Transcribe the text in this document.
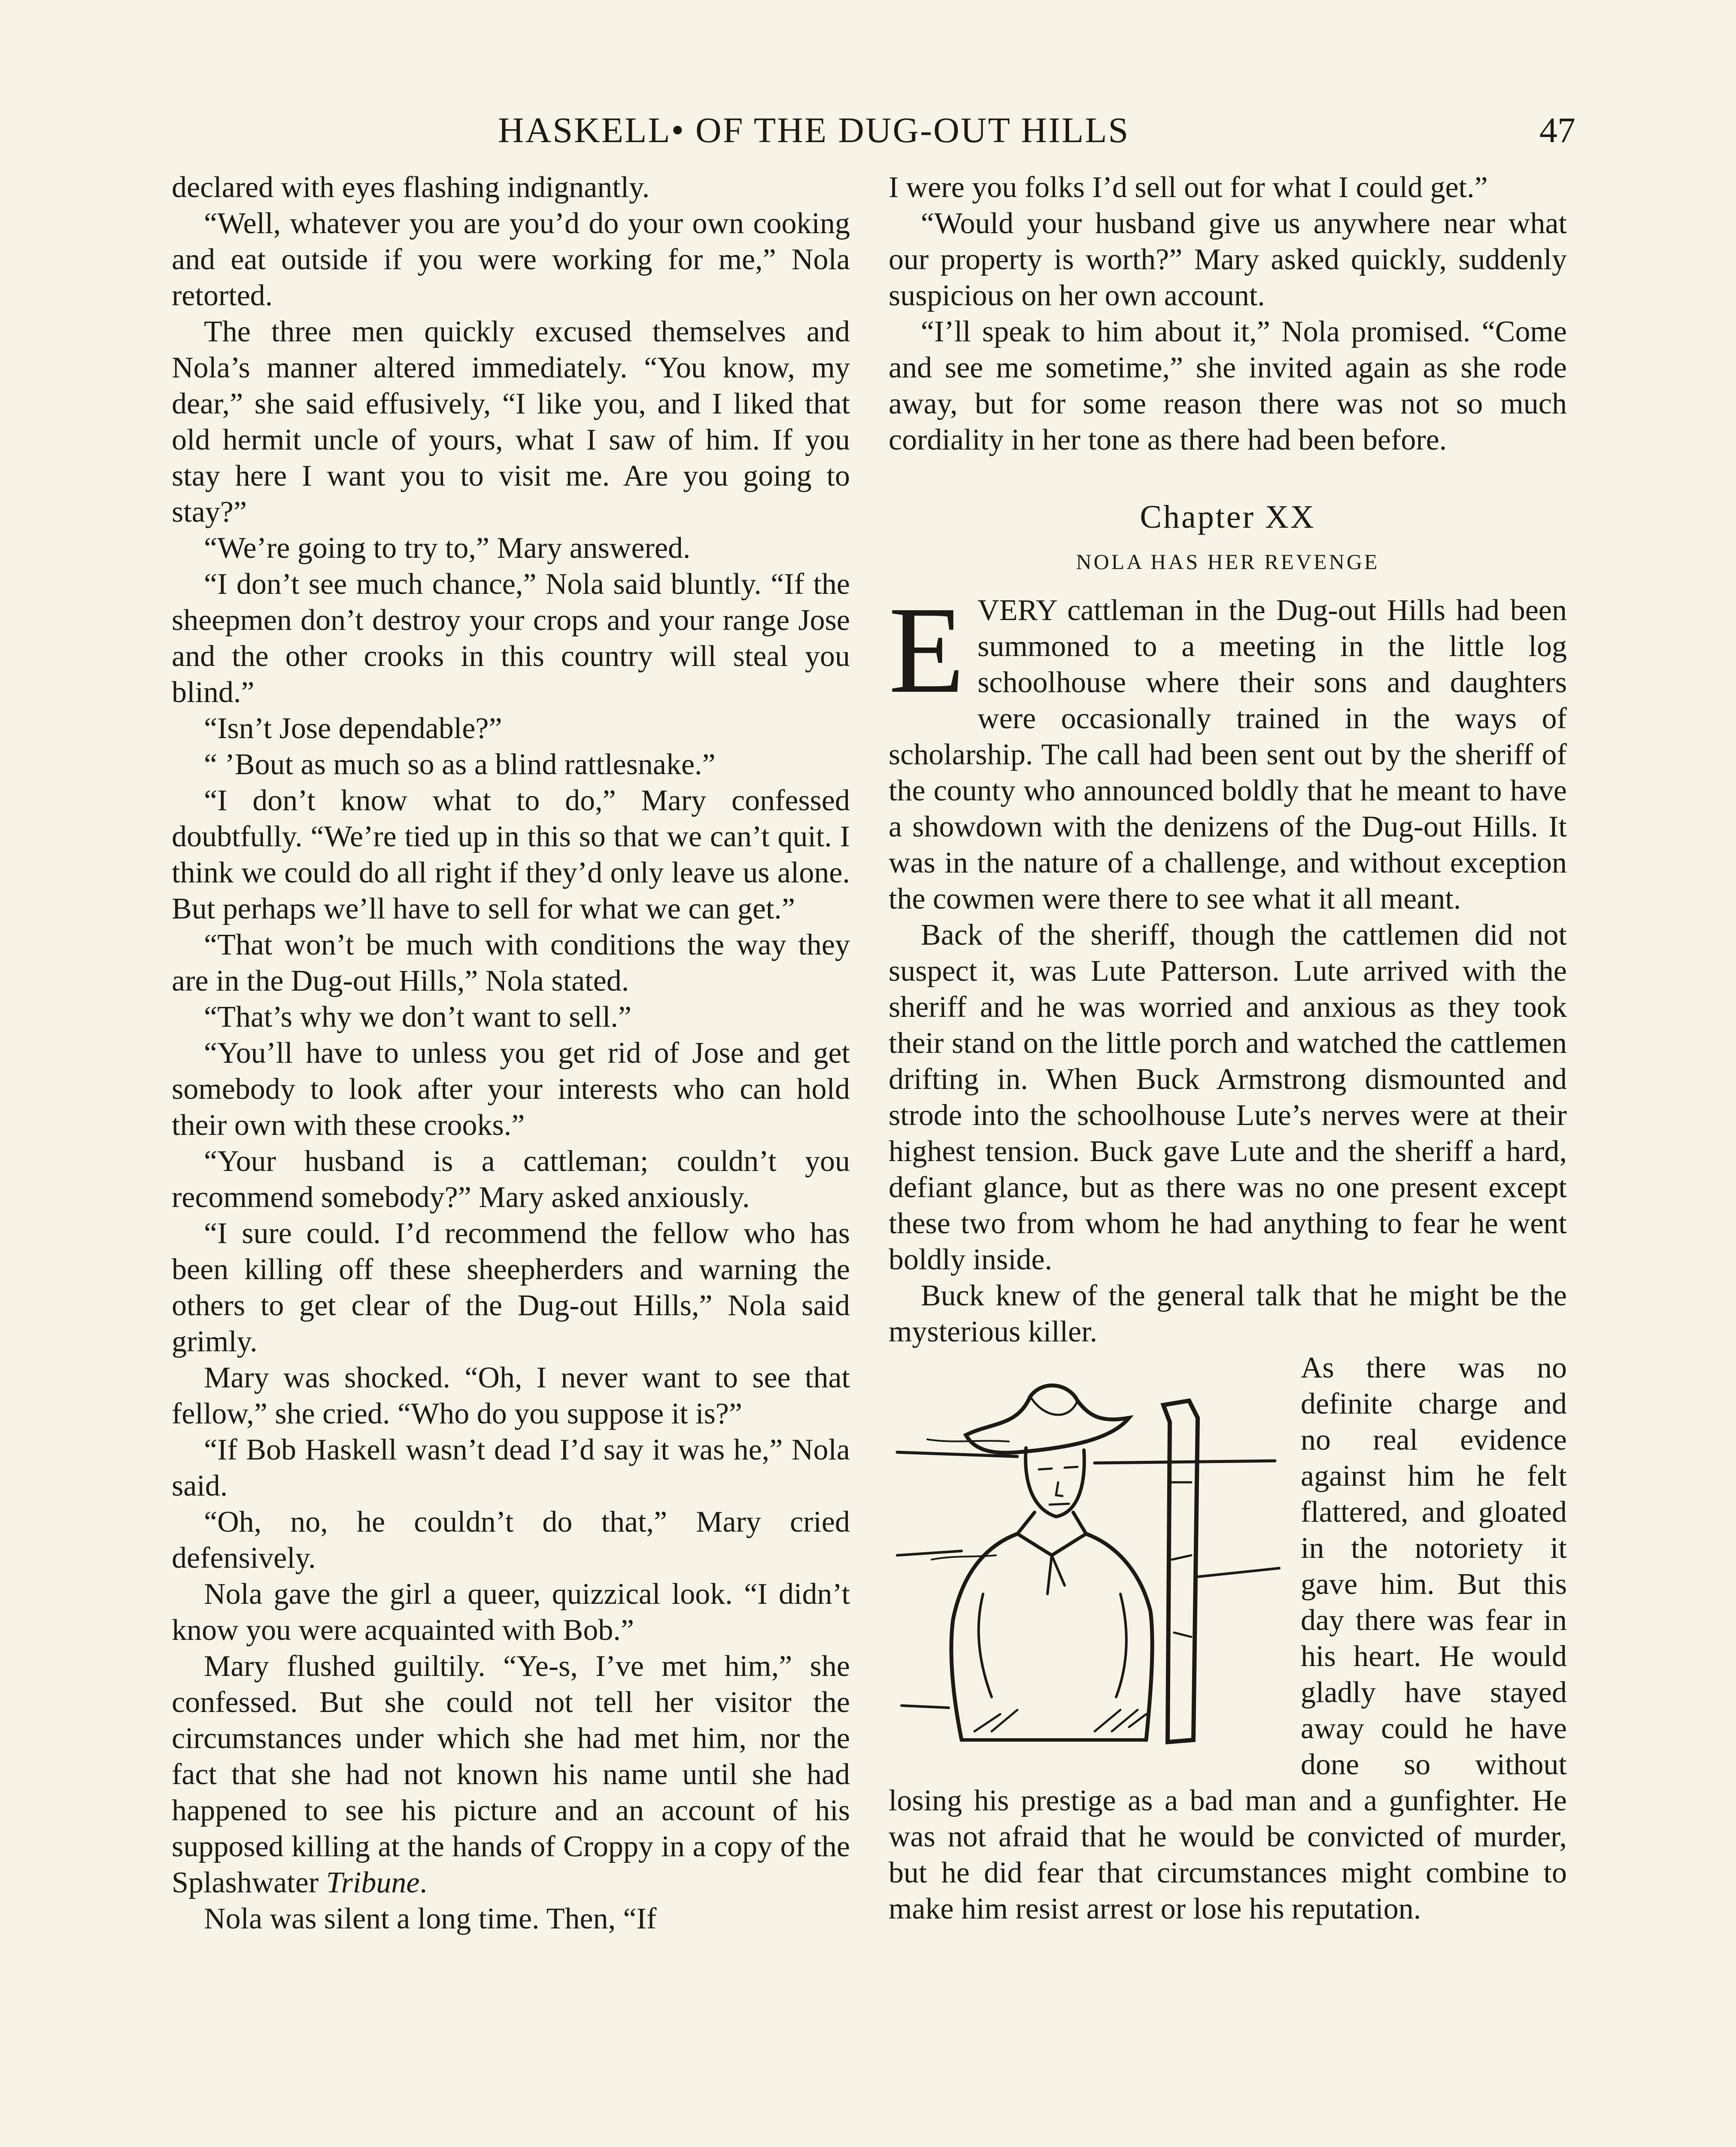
HASKELL• OF THE DUG-OUT HILLS	47

declared with eyes flashing indignantly.

“Well, whatever you are you’d do your own cooking and eat outside if you were working for me,” Nola retorted.

The three men quickly excused themselves and Nola’s manner altered immediately. “You know, my dear,” she said effusively, “I like you, and I liked that old hermit uncle of yours, what I saw of him. If you stay here I want you to visit me. Are you going to stay?”

“We’re going to try to,” Mary answered.

“I don’t see much chance,” Nola said bluntly. “If the sheepmen don’t destroy your crops and your range Jose and the other crooks in this country will steal you blind.”

“Isn’t Jose dependable?”

“ ’Bout as much so as a blind rattlesnake.”

“I don’t know what to do,” Mary confessed doubtfully. “We’re tied up in this so that we can’t quit. I think we could do all right if they’d only leave us alone. But perhaps we’ll have to sell for what we can get.”

“That won’t be much with conditions the way they are in the Dug-out Hills,” Nola stated.

“That’s why we don’t want to sell.”

“You’ll have to unless you get rid of Jose and get somebody to look after your interests who can hold their own with these crooks.”

“Your husband is a cattleman; couldn’t you recommend somebody?” Mary asked anxiously.

“I sure could. I’d recommend the fellow who has been killing off these sheepherders and warning the others to get clear of the Dug-out Hills,” Nola said grimly.

Mary was shocked. “Oh, I never want to see that fellow,” she cried. “Who do you suppose it is?”

“If Bob Haskell wasn’t dead I’d say it was he,” Nola said.

“Oh, no, he couldn’t do that,” Mary cried defensively.

Nola gave the girl a queer, quizzical look. “I didn’t know you were acquainted with Bob.”

Mary flushed guiltily. “Ye-s, I’ve met him,” she confessed. But she could not tell her visitor the circumstances under which she had met him, nor the fact that she had not known his name until she had happened to see his picture and an account of his supposed killing at the hands of Croppy in a copy of the Splashwater Tribune.

Nola was silent a long time. Then, “If

I were you folks I’d sell out for what I could get.”

“Would your husband give us anywhere near what our property is worth?” Mary asked quickly, suddenly suspicious on her own account.

“I’ll speak to him about it,” Nola promised. “Come and see me sometime,” she invited again as she rode away, but for some reason there was not so much cordiality in her tone as there had been before.

Chapter XX
NOLA HAS HER REVENGE

EVERY cattleman in the Dug-out Hills had been summoned to a meeting in the little log schoolhouse where their sons and daughters were occasionally trained in the ways of scholarship. The call had been sent out by the sheriff of the county who announced boldly that he meant to have a showdown with the denizens of the Dug-out Hills. It was in the nature of a challenge, and without exception the cowmen were there to see what it all meant.

Back of the sheriff, though the cattlemen did not suspect it, was Lute Patterson. Lute arrived with the sheriff and he was worried and anxious as they took their stand on the little porch and watched the cattlemen drifting in. When Buck Armstrong dismounted and strode into the schoolhouse Lute’s nerves were at their highest tension. Buck gave Lute and the sheriff a hard, defiant glance, but as there was no one present except these two from whom he had anything to fear he went boldly inside.

Buck knew of the general talk that he might be the mysterious killer.

As there was no definite charge and no real evidence against him he felt flattered, and gloated in the notoriety it gave him. But this day there was fear in his heart. He would gladly have stayed away could he have done so without losing his prestige as a bad man and a gunfighter. He was not afraid that he would be convicted of murder, but he did fear that circumstances might combine to make him resist arrest or lose his reputation.
